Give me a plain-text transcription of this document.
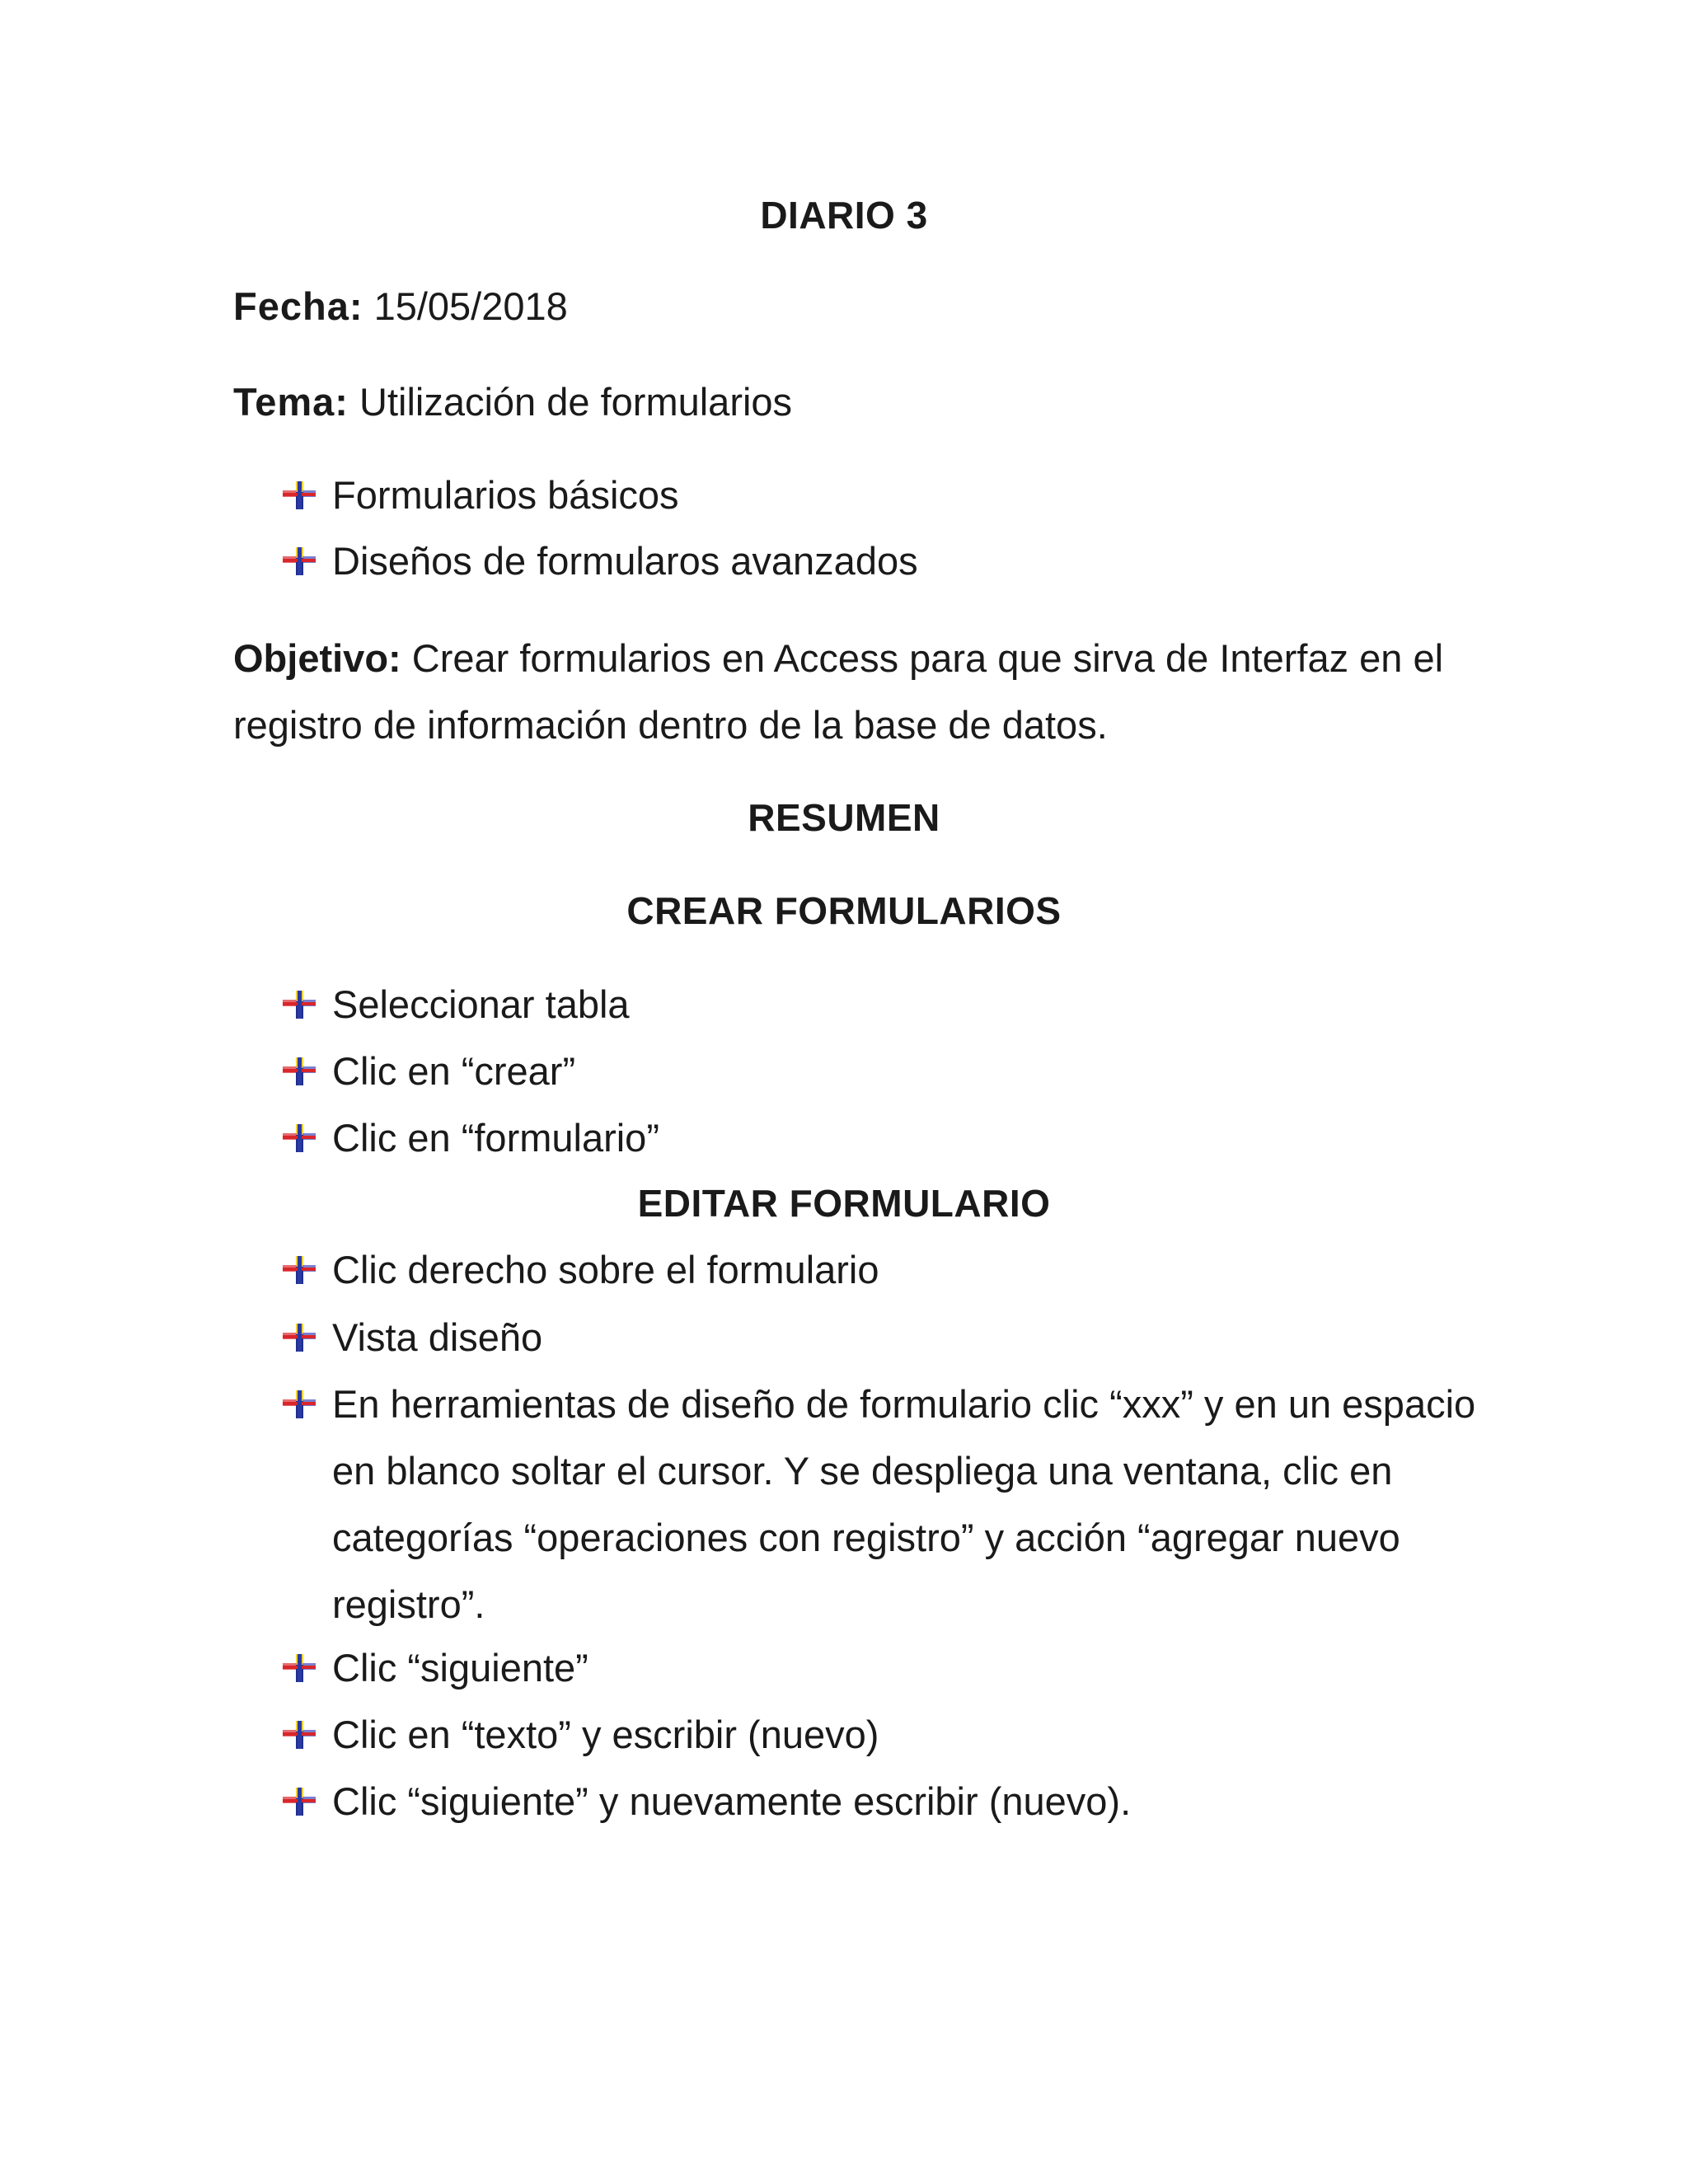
DIARIO 3
Fecha: 15/05/2018
Tema: Utilización de formularios
Formularios básicos
Diseños de formularos avanzados
Objetivo: Crear formularios en Access para que sirva de Interfaz en el registro de información dentro de la base de datos.
RESUMEN
CREAR FORMULARIOS
Seleccionar tabla
Clic en “crear”
Clic en “formulario”
EDITAR FORMULARIO
Clic derecho sobre el formulario
Vista diseño
En herramientas de diseño de formulario clic “xxx” y en un espacio en blanco soltar el cursor. Y se despliega una ventana, clic en categorías “operaciones con registro” y acción “agregar nuevo registro”.
Clic “siguiente”
Clic en “texto” y escribir (nuevo)
Clic “siguiente” y nuevamente escribir (nuevo).
